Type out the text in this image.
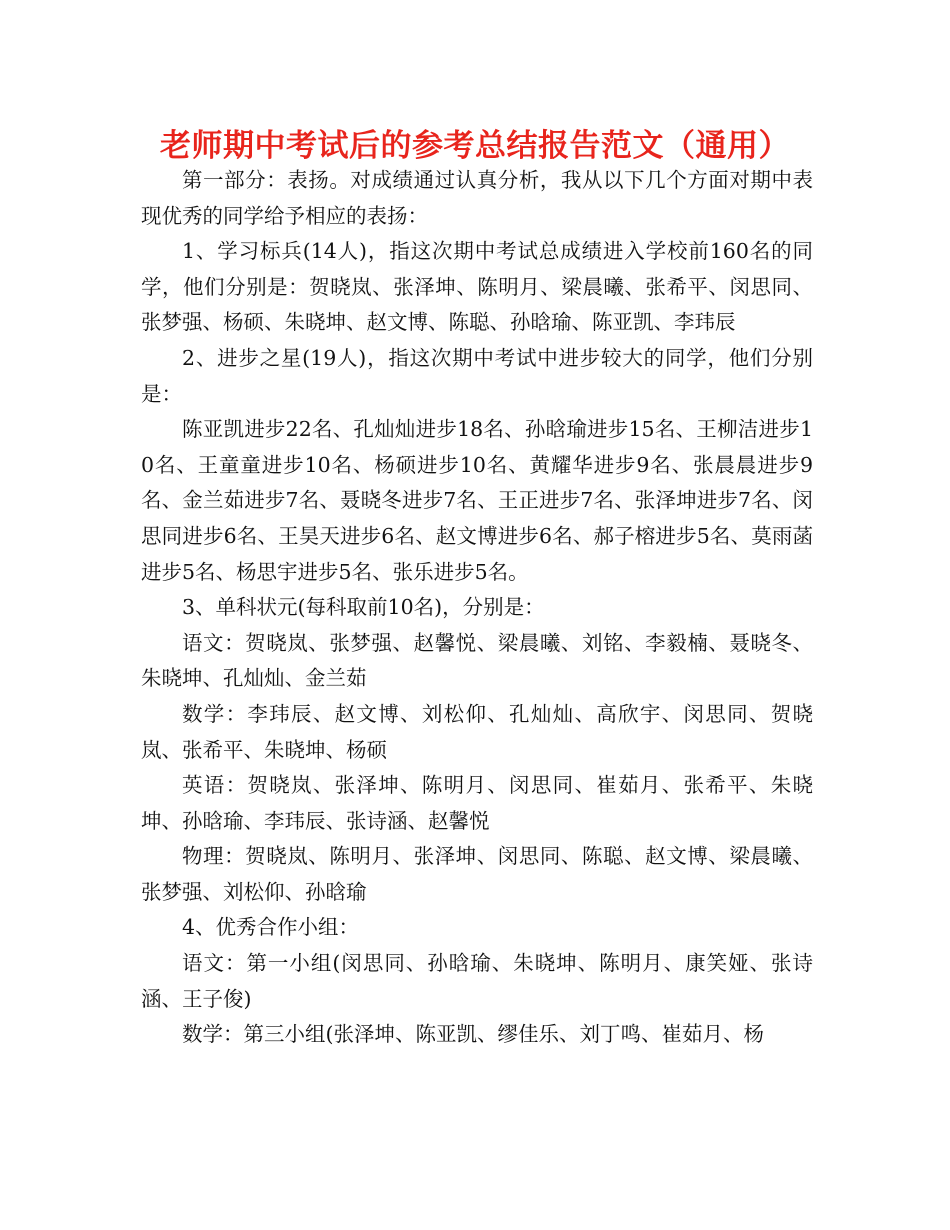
老师期中考试后的参考总结报告范文（通用）

第一部分：表扬。对成绩通过认真分析，我从以下几个方面对期中表现优秀的同学给予相应的表扬：

1、学习标兵(14人)，指这次期中考试总成绩进入学校前160名的同学，他们分别是：贺晓岚、张泽坤、陈明月、梁晨曦、张希平、闵思同、张梦强、杨硕、朱晓坤、赵文博、陈聪、孙晗瑜、陈亚凯、李玮辰

2、进步之星(19人)，指这次期中考试中进步较大的同学，他们分别是：

陈亚凯进步22名、孔灿灿进步18名、孙晗瑜进步15名、王柳洁进步10名、王童童进步10名、杨硕进步10名、黄耀华进步9名、张晨晨进步9名、金兰茹进步7名、聂晓冬进步7名、王正进步7名、张泽坤进步7名、闵思同进步6名、王昊天进步6名、赵文博进步6名、郝子榕进步5名、莫雨菡进步5名、杨思宇进步5名、张乐进步5名。

3、单科状元(每科取前10名)，分别是：

语文：贺晓岚、张梦强、赵馨悦、梁晨曦、刘铭、李毅楠、聂晓冬、朱晓坤、孔灿灿、金兰茹

数学：李玮辰、赵文博、刘松仰、孔灿灿、高欣宇、闵思同、贺晓岚、张希平、朱晓坤、杨硕

英语：贺晓岚、张泽坤、陈明月、闵思同、崔茹月、张希平、朱晓坤、孙晗瑜、李玮辰、张诗涵、赵馨悦

物理：贺晓岚、陈明月、张泽坤、闵思同、陈聪、赵文博、梁晨曦、张梦强、刘松仰、孙晗瑜

4、优秀合作小组：

语文：第一小组(闵思同、孙晗瑜、朱晓坤、陈明月、康笑娅、张诗涵、王子俊)

数学：第三小组(张泽坤、陈亚凯、缪佳乐、刘丁鸣、崔茹月、杨
